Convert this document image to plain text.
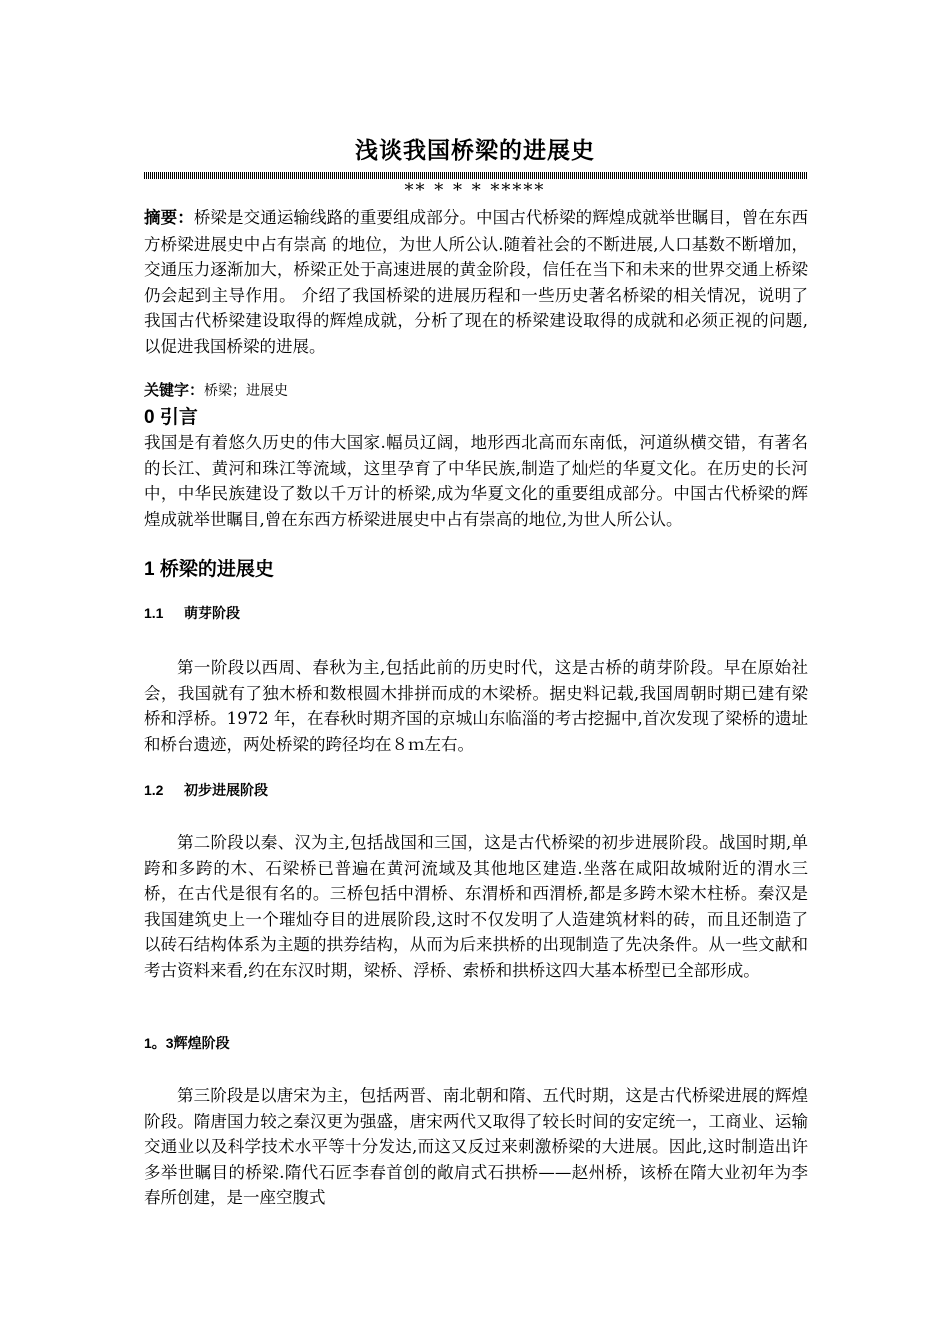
浅谈我国桥梁的进展史
** * * * *****
摘要：桥梁是交通运输线路的重要组成部分。中国古代桥梁的辉煌成就举世瞩目，曾在东西方桥梁进展史中占有崇高 的地位，为世人所公认.随着社会的不断进展,人口基数不断增加，交通压力逐渐加大，桥梁正处于高速进展的黄金阶段，信任在当下和未来的世界交通上桥梁仍会起到主导作用。 介绍了我国桥梁的进展历程和一些历史著名桥梁的相关情况，说明了我国古代桥梁建设取得的辉煌成就，分析了现在的桥梁建设取得的成就和必须正视的问题,以促进我国桥梁的进展。
关键字：桥梁；进展史
0 引言
我国是有着悠久历史的伟大国家.幅员辽阔，地形西北高而东南低，河道纵横交错，有著名的长江、黄河和珠江等流域，这里孕育了中华民族,制造了灿烂的华夏文化。在历史的长河中，中华民族建设了数以千万计的桥梁,成为华夏文化的重要组成部分。中国古代桥梁的辉煌成就举世瞩目,曾在东西方桥梁进展史中占有崇高的地位,为世人所公认。
1 桥梁的进展史
1.1 萌芽阶段
第一阶段以西周、春秋为主,包括此前的历史时代，这是古桥的萌芽阶段。早在原始社会，我国就有了独木桥和数根圆木排拼而成的木梁桥。据史料记载,我国周朝时期已建有梁桥和浮桥。1972 年，在春秋时期齐国的京城山东临淄的考古挖掘中,首次发现了梁桥的遗址和桥台遗迹，两处桥梁的跨径均在８ｍ左右。
1.2 初步进展阶段
第二阶段以秦、汉为主,包括战国和三国，这是古代桥梁的初步进展阶段。战国时期,单跨和多跨的木、石梁桥已普遍在黄河流域及其他地区建造.坐落在咸阳故城附近的渭水三桥，在古代是很有名的。三桥包括中渭桥、东渭桥和西渭桥,都是多跨木梁木柱桥。秦汉是我国建筑史上一个璀灿夺目的进展阶段,这时不仅发明了人造建筑材料的砖，而且还制造了以砖石结构体系为主题的拱券结构，从而为后来拱桥的出现制造了先决条件。从一些文献和考古资料来看,约在东汉时期，梁桥、浮桥、索桥和拱桥这四大基本桥型已全部形成。
1。3辉煌阶段
第三阶段是以唐宋为主，包括两晋、南北朝和隋、五代时期，这是古代桥梁进展的辉煌阶段。隋唐国力较之秦汉更为强盛，唐宋两代又取得了较长时间的安定统一，工商业、运输交通业以及科学技术水平等十分发达,而这又反过来刺激桥梁的大进展。因此,这时制造出许多举世瞩目的桥梁.隋代石匠李春首创的敞肩式石拱桥——赵州桥，该桥在隋大业初年为李春所创建，是一座空腹式
